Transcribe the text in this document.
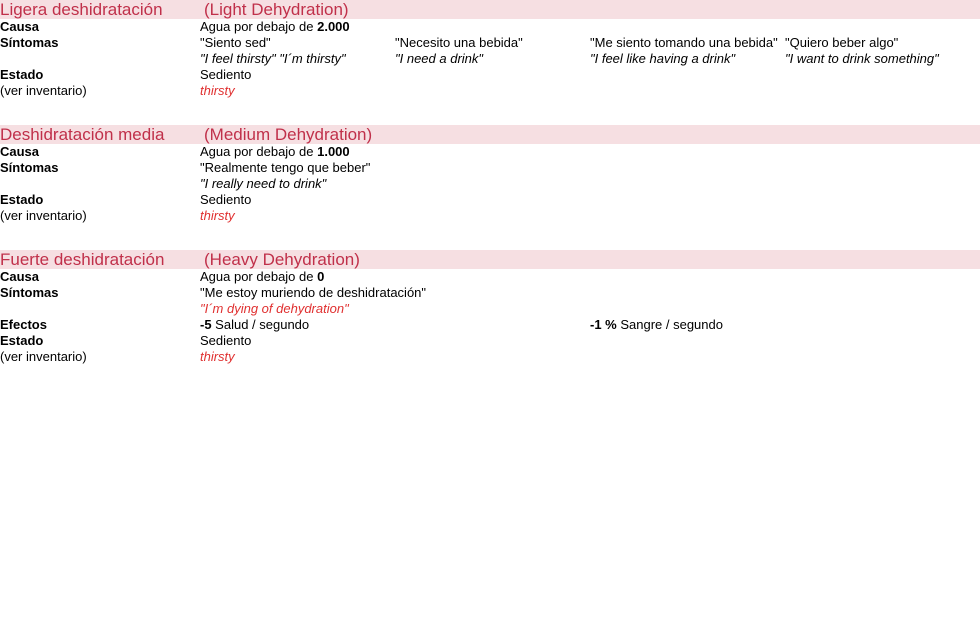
Ligera deshidratación	(Light Dehydration)			
Causa	Agua por debajo de 2.000			
Síntomas	"Siento sed"	"Necesito una bebida"	"Me siento tomando una bebida"	"Quiero beber algo"
	"I feel thirsty" "I´m thirsty"	"I need a drink"	"I feel like having a drink"	"I want to drink something"
Estado	Sediento			
(ver inventario)	thirsty			
Deshidratación media	(Medium Dehydration)
Causa	Agua por debajo de 1.000
Síntomas	"Realmente tengo que beber"
	"I really need to drink"
Estado	Sediento
(ver inventario)	thirsty
Fuerte deshidratación	(Heavy Dehydration)	
Causa	Agua por debajo de 0	
Síntomas	"Me estoy muriendo de deshidratación"	
	"I´m dying of dehydration"	
Efectos	-5 Salud / segundo	-1 % Sangre / segundo
Estado	Sediento	
(ver inventario)	thirsty	
